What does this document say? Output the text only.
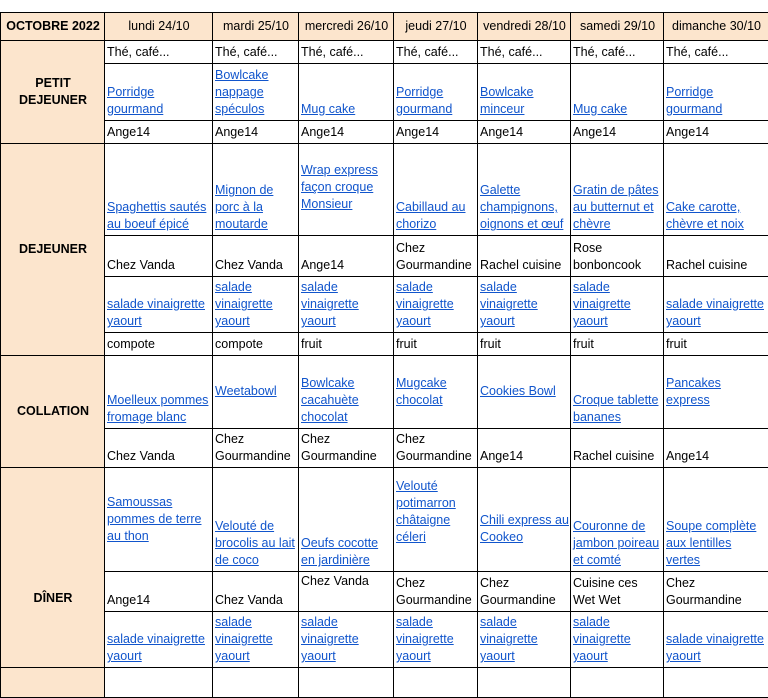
OCTOBRE 2022	lundi 24/10	mardi 25/10	mercredi 26/10	jeudi 27/10	vendredi 28/10	samedi 29/10	dimanche 30/10
PETIT DEJEUNER	Thé, café...	Thé, café...	Thé, café...	Thé, café...	Thé, café...	Thé, café...	Thé, café...
	Porridge gourmand	Bowlcake nappage spéculos	Mug cake	Porridge gourmand	Bowlcake minceur	Mug cake	Porridge gourmand
	Ange14	Ange14	Ange14	Ange14	Ange14	Ange14	Ange14
DEJEUNER	Spaghettis sautés au boeuf épicé	Mignon de porc à la moutarde	Wrap express façon croque Monsieur	Cabillaud au chorizo	Galette champignons, oignons et œuf	Gratin de pâtes au butternut et chèvre	Cake carotte, chèvre et noix
	Chez Vanda	Chez Vanda	Ange14	Chez Gourmandine	Rachel cuisine	Rose bonboncook	Rachel cuisine
	salade vinaigrette yaourt	salade vinaigrette yaourt	salade vinaigrette yaourt	salade vinaigrette yaourt	salade vinaigrette yaourt	salade vinaigrette yaourt	salade vinaigrette yaourt
	compote	compote	fruit	fruit	fruit	fruit	fruit
COLLATION	Moelleux pommes fromage blanc	Weetabowl	Bowlcake cacahuète chocolat	Mugcake chocolat	Cookies Bowl	Croque tablette bananes	Pancakes express
	Chez Vanda	Chez Gourmandine	Chez Gourmandine	Chez Gourmandine	Ange14	Rachel cuisine	Ange14
DÎNER	Samoussas pommes de terre au thon	Velouté de brocolis au lait de coco	Oeufs cocotte en jardinière	Velouté potimarron châtaigne céleri	Chili express au Cookeo	Couronne de jambon poireau et comté	Soupe complète aux lentilles vertes
	Ange14	Chez Vanda	Chez Vanda	Chez Gourmandine	Chez Gourmandine	Cuisine ces Wet Wet	Chez Gourmandine
	salade vinaigrette yaourt	salade vinaigrette yaourt	salade vinaigrette yaourt	salade vinaigrette yaourt	salade vinaigrette yaourt	salade vinaigrette yaourt	salade vinaigrette yaourt
